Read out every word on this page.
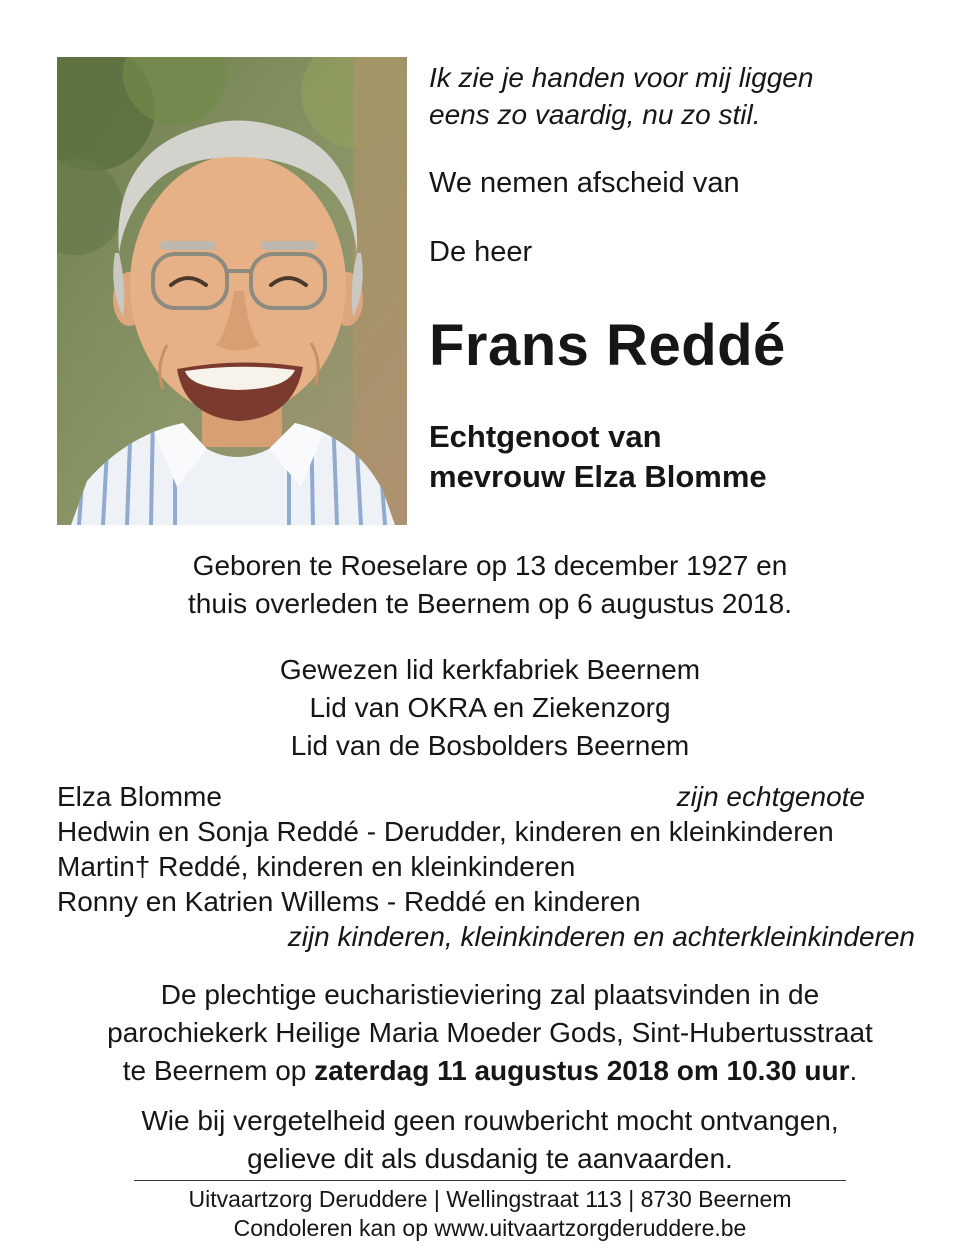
Ik zie je handen voor mij liggen
eens zo vaardig, nu zo stil.
We nemen afscheid van
De heer
Frans Reddé
Echtgenoot van
mevrouw Elza Blomme
Geboren te Roeselare op 13 december 1927 en
thuis overleden te Beernem op 6 augustus 2018.
Gewezen lid kerkfabriek Beernem
Lid van OKRA en Ziekenzorg
Lid van de Bosbolders Beernem
Elza Blomme	zijn echtgenote
Hedwin en Sonja Reddé - Derudder, kinderen en kleinkinderen
Martin† Reddé, kinderen en kleinkinderen
Ronny en Katrien Willems - Reddé en kinderen
zijn kinderen, kleinkinderen en achterkleinkinderen
De plechtige eucharistieviering zal plaatsvinden in de
parochiekerk Heilige Maria Moeder Gods, Sint-Hubertusstraat
te Beernem op zaterdag 11 augustus 2018 om 10.30 uur.
Wie bij vergetelheid geen rouwbericht mocht ontvangen,
gelieve dit als dusdanig te aanvaarden.
Uitvaartzorg Deruddere | Wellingstraat 113 | 8730 Beernem
Condoleren kan op www.uitvaartzorgderuddere.be
